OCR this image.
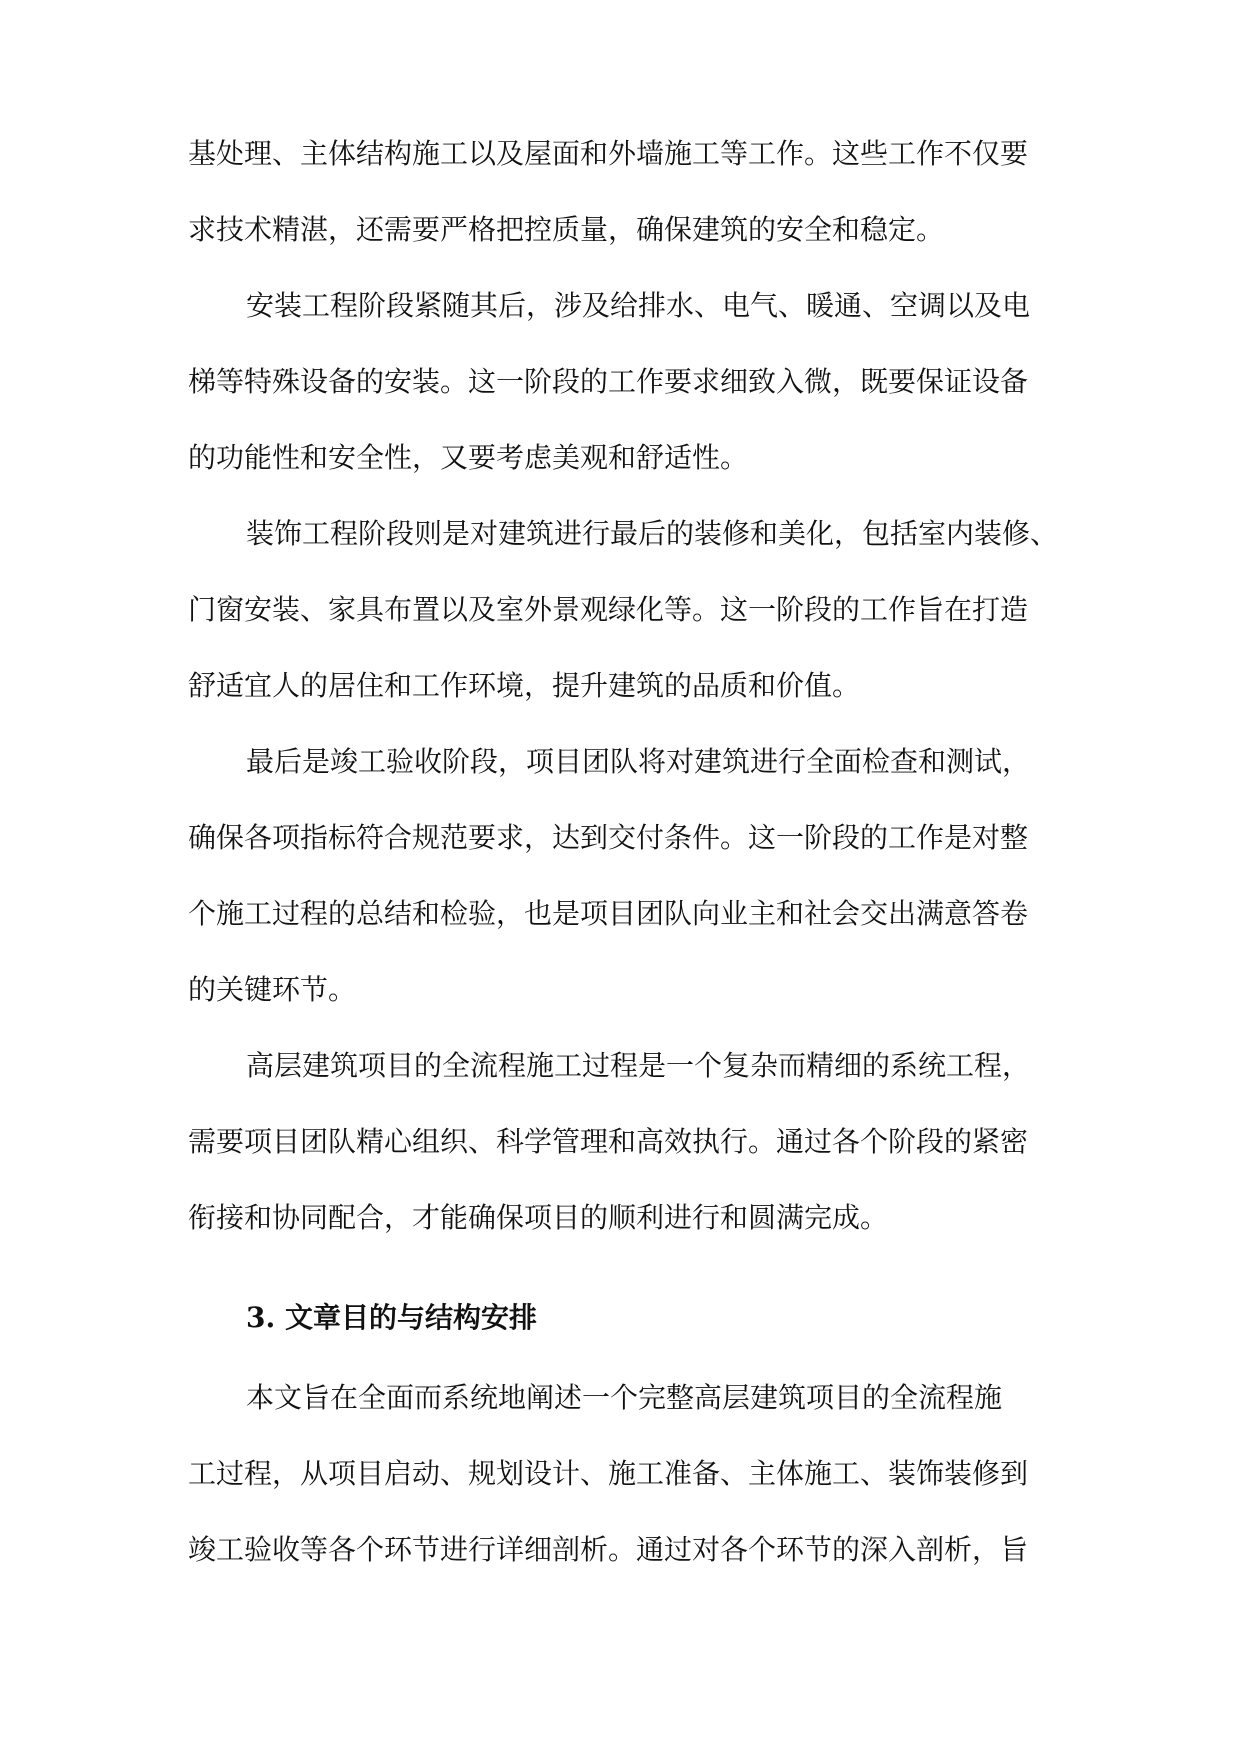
基处理、主体结构施工以及屋面和外墙施工等工作。这些工作不仅要
求技术精湛，还需要严格把控质量，确保建筑的安全和稳定。
安装工程阶段紧随其后，涉及给排水、电气、暖通、空调以及电
梯等特殊设备的安装。这一阶段的工作要求细致入微，既要保证设备
的功能性和安全性，又要考虑美观和舒适性。
装饰工程阶段则是对建筑进行最后的装修和美化，包括室内装修、
门窗安装、家具布置以及室外景观绿化等。这一阶段的工作旨在打造
舒适宜人的居住和工作环境，提升建筑的品质和价值。
最后是竣工验收阶段，项目团队将对建筑进行全面检查和测试，
确保各项指标符合规范要求，达到交付条件。这一阶段的工作是对整
个施工过程的总结和检验，也是项目团队向业主和社会交出满意答卷
的关键环节。
高层建筑项目的全流程施工过程是一个复杂而精细的系统工程，
需要项目团队精心组织、科学管理和高效执行。通过各个阶段的紧密
衔接和协同配合，才能确保项目的顺利进行和圆满完成。
3. 文章目的与结构安排
本文旨在全面而系统地阐述一个完整高层建筑项目的全流程施
工过程，从项目启动、规划设计、施工准备、主体施工、装饰装修到
竣工验收等各个环节进行详细剖析。通过对各个环节的深入剖析，旨
